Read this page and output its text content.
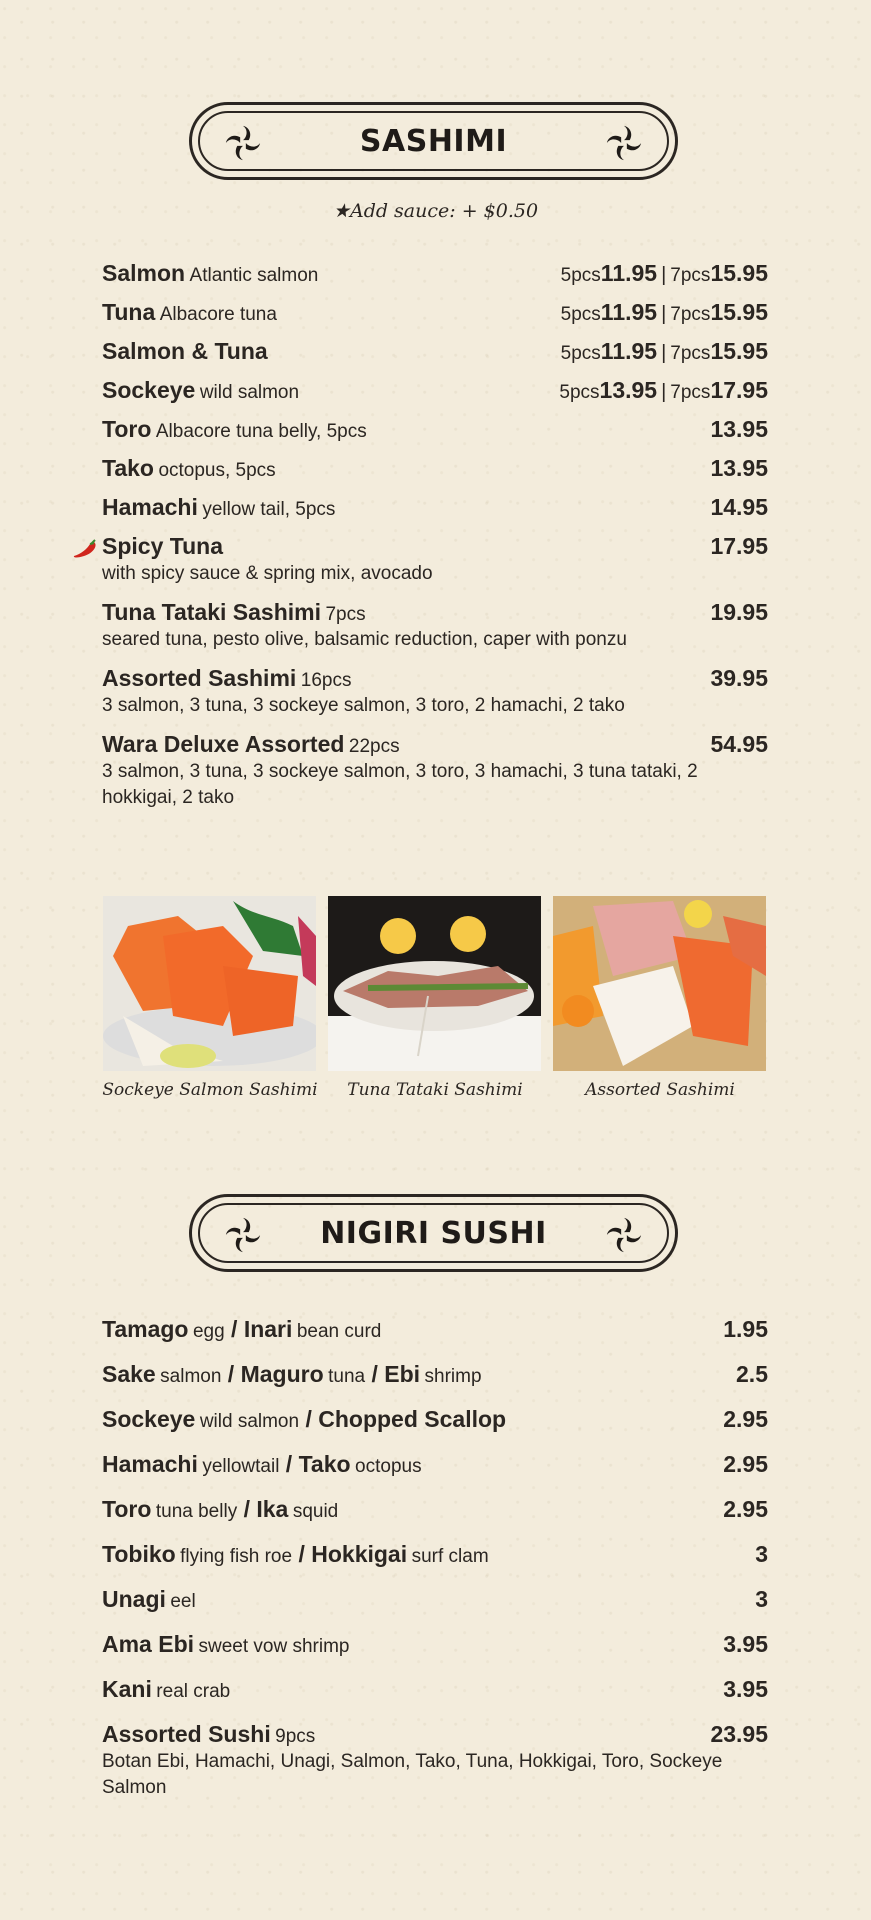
SASHIMI
★Add sauce: + $0.50
Salmon Atlantic salmon	5pcs11.95 | 7pcs15.95
Tuna Albacore tuna	5pcs11.95 | 7pcs15.95
Salmon & Tuna	5pcs11.95 | 7pcs15.95
Sockeye wild salmon	5pcs13.95 | 7pcs17.95
Toro Albacore tuna belly, 5pcs	13.95
Tako octopus, 5pcs	13.95
Hamachi yellow tail, 5pcs	14.95
Spicy Tuna	17.95
with spicy sauce & spring mix, avocado
Tuna Tataki Sashimi 7pcs	19.95
seared tuna, pesto olive, balsamic reduction, caper with ponzu
Assorted Sashimi 16pcs	39.95
3 salmon, 3 tuna, 3 sockeye salmon, 3 toro, 2 hamachi, 2 tako
Wara Deluxe Assorted 22pcs	54.95
3 salmon, 3 tuna, 3 sockeye salmon, 3 toro, 3 hamachi, 3 tuna tataki, 2 hokkigai, 2 tako
Sockeye Salmon Sashimi	Tuna Tataki Sashimi	Assorted Sashimi
NIGIRI SUSHI
Tamago egg / Inari bean curd	1.95
Sake salmon / Maguro tuna / Ebi shrimp	2.5
Sockeye wild salmon / Chopped Scallop	2.95
Hamachi yellowtail / Tako octopus	2.95
Toro tuna belly / Ika squid	2.95
Tobiko flying fish roe / Hokkigai surf clam	3
Unagi eel	3
Ama Ebi sweet vow shrimp	3.95
Kani real crab	3.95
Assorted Sushi 9pcs	23.95
Botan Ebi, Hamachi, Unagi, Salmon, Tako, Tuna, Hokkigai, Toro, Sockeye Salmon
